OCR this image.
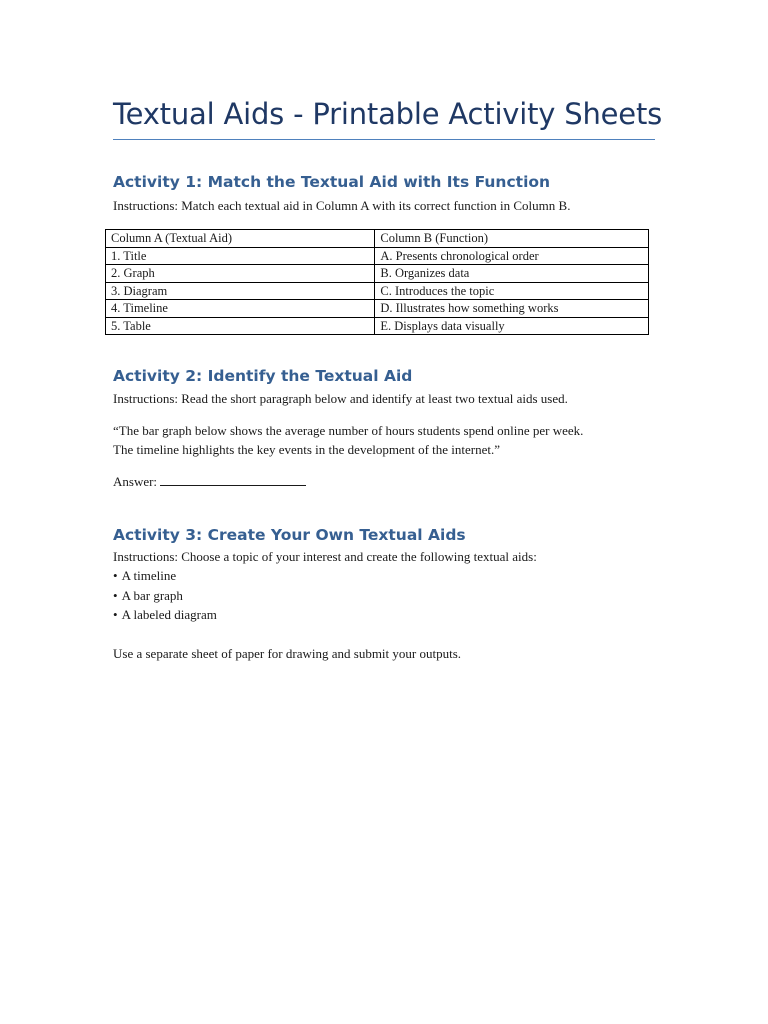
Textual Aids - Printable Activity Sheets
Activity 1: Match the Textual Aid with Its Function
Instructions: Match each textual aid in Column A with its correct function in Column B.
Column A (Textual Aid)	Column B (Function)
1. Title	A. Presents chronological order
2. Graph	B. Organizes data
3. Diagram	C. Introduces the topic
4. Timeline	D. Illustrates how something works
5. Table	E. Displays data visually
Activity 2: Identify the Textual Aid
Instructions: Read the short paragraph below and identify at least two textual aids used.
“The bar graph below shows the average number of hours students spend online per week.
The timeline highlights the key events in the development of the internet.”
Answer:
Activity 3: Create Your Own Textual Aids
Instructions: Choose a topic of your interest and create the following textual aids:
• A timeline
• A bar graph
• A labeled diagram
Use a separate sheet of paper for drawing and submit your outputs.
